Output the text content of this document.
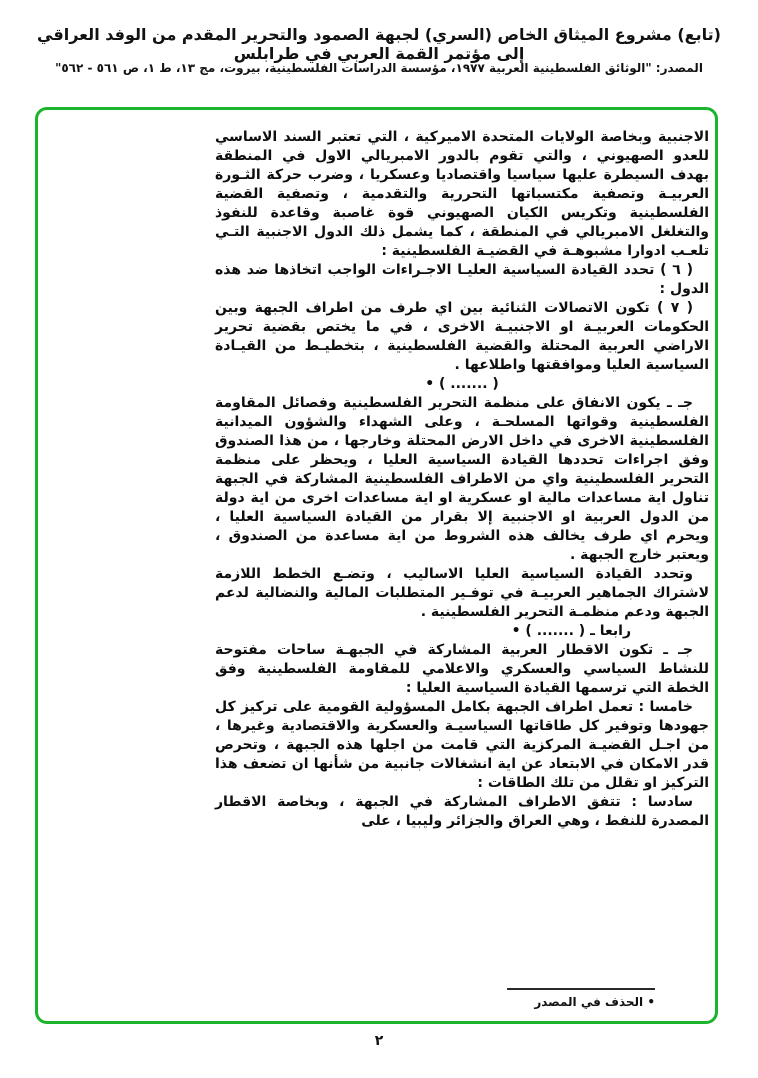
(تابع) مشروع الميثاق الخاص (السري) لجبهة الصمود والتحرير المقدم من الوفد العراقي إلى مؤتمر القمة العربي في طرابلس
المصدر: "الوثائق الفلسطينية العربية ١٩٧٧، مؤسسة الدراسات الفلسطينية، بيروت، مج ١٣، ط ١، ص ٥٦١ - ٥٦٢"

الاجنبية وبخاصة الولايات المتحدة الاميركية ، التي تعتبر السند الاساسي للعدو الصهيوني ، والتي تقوم بالدور الامبريالي الاول في المنطقة بهدف السيطرة عليها سياسيا واقتصاديا وعسكريا ، وضرب حركة الثـورة العربيـة وتصفية مكتسباتها التحررية والتقدمية ، وتصفية القضية الفلسطينية وتكريس الكيان الصهيوني قوة غاصبة وقاعدة للنفوذ والتغلغل الامبريالي في المنطقة ، كما يشمل ذلك الدول الاجنبية التـي تلعـب ادوارا مشبوهـة في القضيـة الفلسطينية :

( ٦ ) تحدد القيادة السياسية العليـا الاجـراءات الواجب اتخاذها ضد هذه الدول :

( ٧ ) تكون الاتصالات الثنائية بين اي طرف من اطراف الجبهة وبين الحكومات العربيـة او الاجنبيـة الاخرى ، في ما يختص بقضية تحرير الاراضي العربية المحتلة والقضية الفلسطينية ، بتخطيـط من القيـادة السياسية العليا وموافقتها واطلاعها .

( ....... ) •

جـ ـ يكون الانفاق على منظمة التحرير الفلسطينية وفصائل المقاومة الفلسطينية وقواتها المسلحـة ، وعلى الشهداء والشؤون الميدانية الفلسطينية الاخرى في داخل الارض المحتلة وخارجها ، من هذا الصندوق وفق اجراءات تحددها القيادة السياسية العليا ، ويحظر على منظمة التحرير الفلسطينية واي من الاطراف الفلسطينية المشاركة في الجبهة تناول اية مساعدات مالية او عسكرية او اية مساعدات اخرى من اية دولة من الدول العربية او الاجنبية إلا بقرار من القيادة السياسية العليا ، ويحرم اي طرف يخالف هذه الشروط من اية مساعدة من الصندوق ، ويعتبر خارج الجبهة .

وتحدد القيادة السياسية العليا الاساليب ، وتضـع الخطط اللازمة لاشتراك الجماهير العربيـة في توفـير المتطلبات المالية والنضالية لدعم الجبهة ودعم منظمـة التحرير الفلسطينية .

رابعا ـ ( ....... ) •

جـ ـ تكون الاقطار العربية المشاركة في الجبهـة ساحات مفتوحة للنشاط السياسي والعسكري والاعلامي للمقاومة الفلسطينية وفق الخطة التي ترسمها القيادة السياسية العليا :

خامسا : تعمل اطراف الجبهة بكامل المسؤولية القومية على تركيز كل جهودها وتوفير كل طاقاتها السياسيـة والعسكرية والاقتصادية وغيرها ، من اجـل القضيـة المركزية التي قامت من اجلها هذه الجبهة ، وتحرص قدر الامكان في الابتعاد عن اية انشغالات جانبية من شأنها ان تضعف هذا التركيز او تقلل من تلك الطاقات :

سادسا : تتفق الاطراف المشاركة في الجبهة ، وبخاصة الاقطار المصدرة للنفط ، وهي العراق والجزائر وليبيا ، على

• الحذف في المصدر
٢
